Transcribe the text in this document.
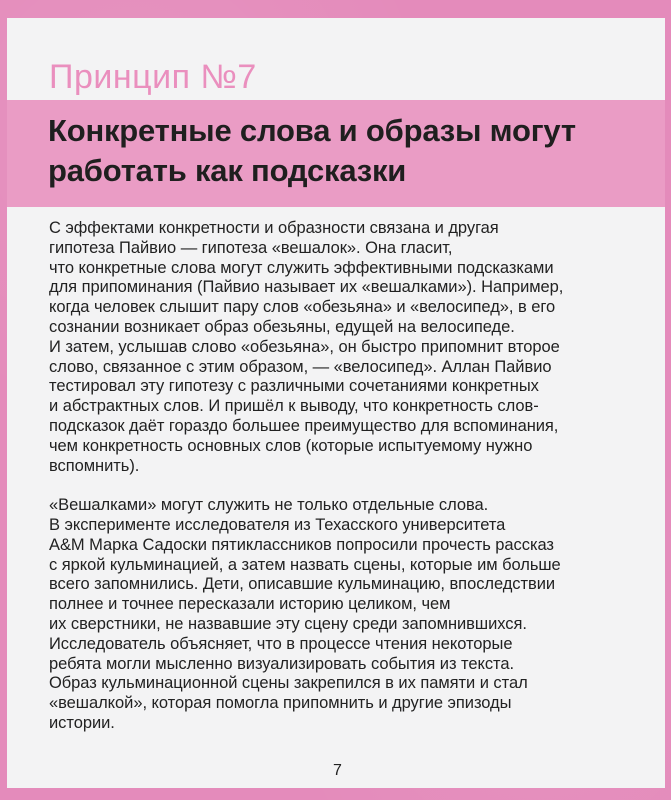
Принцип №7
Конкретные слова и образы могут
работать как подсказки
С эффектами конкретности и образности связана и другая
гипотеза Пайвио — гипотеза «вешалок». Она гласит,
что конкретные слова могут служить эффективными подсказками
для припоминания (Пайвио называет их «вешалками»). Например,
когда человек слышит пару слов «обезьяна» и «велосипед», в его
сознании возникает образ обезьяны, едущей на велосипеде.
И затем, услышав слово «обезьяна», он быстро припомнит второе
слово, связанное с этим образом, — «велосипед». Аллан Пайвио
тестировал эту гипотезу с различными сочетаниями конкретных
и абстрактных слов. И пришёл к выводу, что конкретность слов-
подсказок даёт гораздо большее преимущество для вспоминания,
чем конкретность основных слов (которые испытуемому нужно
вспомнить).
«Вешалками» могут служить не только отдельные слова.
В эксперименте исследователя из Техасского университета
A&M Марка Садоски пятиклассников попросили прочесть рассказ
с яркой кульминацией, а затем назвать сцены, которые им больше
всего запомнились. Дети, описавшие кульминацию, впоследствии
полнее и точнее пересказали историю целиком, чем
их сверстники, не назвавшие эту сцену среди запомнившихся.
Исследователь объясняет, что в процессе чтения некоторые
ребята могли мысленно визуализировать события из текста.
Образ кульминационной сцены закрепился в их памяти и стал
«вешалкой», которая помогла припомнить и другие эпизоды
истории.
7
